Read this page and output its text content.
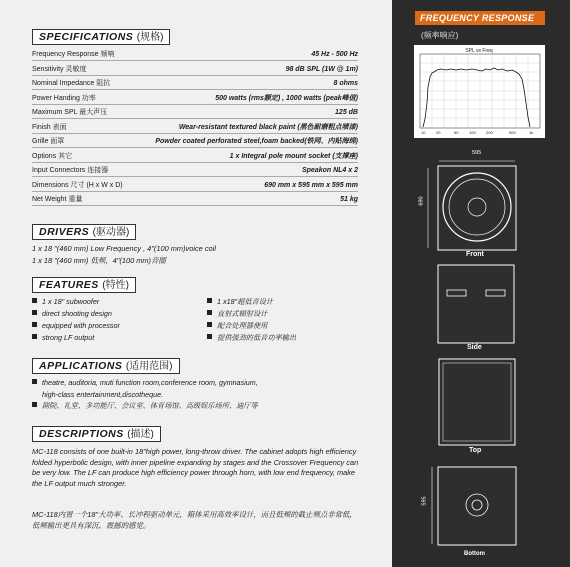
SPECIFICATIONS (规格)
Frequency Response 频响	45 Hz - 500 Hz
Sensitivity 灵敏度	98 dB SPL (1W @ 1m)
Nominal Impedance 阻抗	8 ohms
Power Handing 功率	500 watts (rms额定) , 1000 watts (peak峰值)
Maximum SPL 最大声压	125 dB
Finish 表面	Wear-resistant textured black paint (黑色耐磨粗点喷漆)
Grille 面罩	Powder coated perforated steel,foam backed(铁网、内贴海绵)
Options 其它	1 x Integral pole mount socket (支撑座)
Input Connectors 连接器	Speakon NL4 x 2
Dimensions 尺寸 (H x W x D)	690 mm x 595 mm x 595 mm
Net Weight 重量	51 kg
DRIVERS (驱动器)
1 x 18 "(460 mm) Low Frequency , 4"(100 mm)voice coil
1 x 18 "(460 mm) 低频，4"(100 mm)音圈
FEATURES (特性)
1 x 18" subwoofer
direct shooting design
equipped with processor
strong LF output
1 x18"超低音设计
直射式辐射设计
配合处理器使用
提供强劲的低音功率输出
APPLICATIONS (适用范围)
theatre, auditoria, muti function room,conference room, gymnasium,
high-class entertainment,discotheque.
剧院、礼堂、多功能厅、会议室、体育场馆、高级娱乐场所、迪厅等
DESCRIPTIONS (描述)
MC-118 consists of one built-in 18"high power, long-throw driver. The cabinet adopts high efficiency folded hyperbolic design, with inner pipeline expanding by stages and the Crossover Frequency can be very low. The LF can produce high efficiency power through horn, with low end frequency, make the LF output much stronger.
MC-118内置一个18"大功率、长冲程驱动单元，箱体采用高效率设计，而且低频的截止频点非常低，低频输出更具有深沉、震撼的感觉。
FREQUENCY RESPONSE
(频率响应)
SPL vs Freq
10	20	50	100	200	500	1k
595
690
Front
Side
Top
595
Bottom
